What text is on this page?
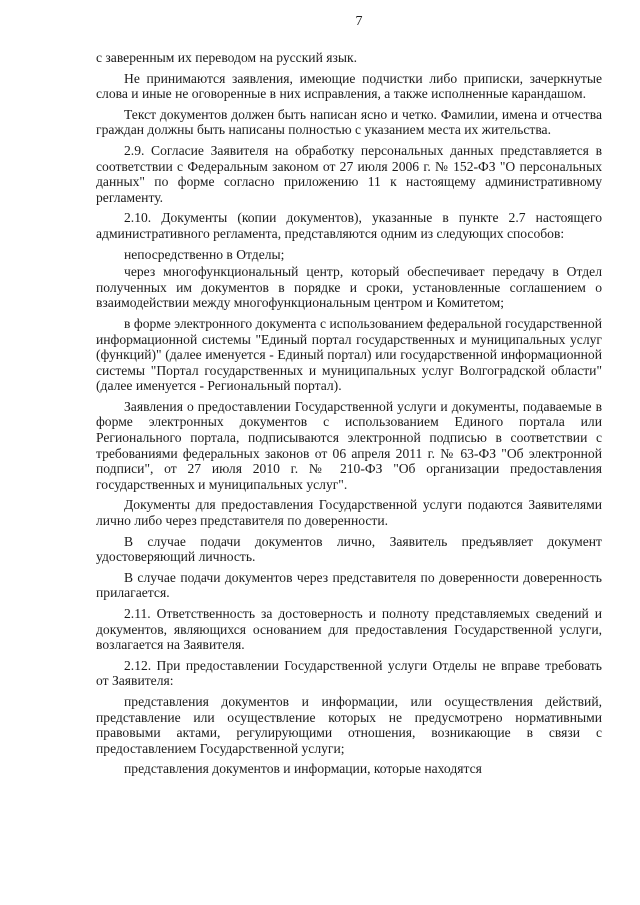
7

с заверенным их переводом на русский язык.

Не принимаются заявления, имеющие подчистки либо приписки, зачеркнутые слова и иные не оговоренные в них исправления, а также исполненные карандашом.

Текст документов должен быть написан ясно и четко. Фамилии, имена и отчества граждан должны быть написаны полностью с указанием места их жительства.

2.9. Согласие Заявителя на обработку персональных данных представляется в соответствии с Федеральным законом от 27 июля 2006 г. № 152-ФЗ "О персональных данных" по форме согласно приложению 11 к настоящему административному регламенту.

2.10. Документы (копии документов), указанные в пункте 2.7 настоящего административного регламента, представляются одним из следующих способов:

непосредственно в Отделы;

через многофункциональный центр, который обеспечивает передачу в Отдел полученных им документов в порядке и сроки, установленные соглашением о взаимодействии между многофункциональным центром и Комитетом;

в форме электронного документа с использованием федеральной государственной информационной системы "Единый портал государственных и муниципальных услуг (функций)" (далее именуется - Единый портал) или государственной информационной системы "Портал государственных и муниципальных услуг Волгоградской области" (далее именуется - Региональный портал).

Заявления о предоставлении Государственной услуги и документы, подаваемые в форме электронных документов с использованием Единого портала или Регионального портала, подписываются электронной подписью в соответствии с требованиями федеральных законов от 06 апреля 2011 г. № 63-ФЗ "Об электронной подписи", от 27 июля 2010 г. № 210-ФЗ "Об организации предоставления государственных и муниципальных услуг".

Документы для предоставления Государственной услуги подаются Заявителями лично либо через представителя по доверенности.

В случае подачи документов лично, Заявитель предъявляет документ удостоверяющий личность.

В случае подачи документов через представителя по доверенности доверенность прилагается.

2.11. Ответственность за достоверность и полноту представляемых сведений и документов, являющихся основанием для предоставления Государственной услуги, возлагается на Заявителя.

2.12. При предоставлении Государственной услуги Отделы не вправе требовать от Заявителя:

представления документов и информации, или осуществления действий, представление или осуществление которых не предусмотрено нормативными правовыми актами, регулирующими отношения, возникающие в связи с предоставлением Государственной услуги;

представления документов и информации, которые находятся
